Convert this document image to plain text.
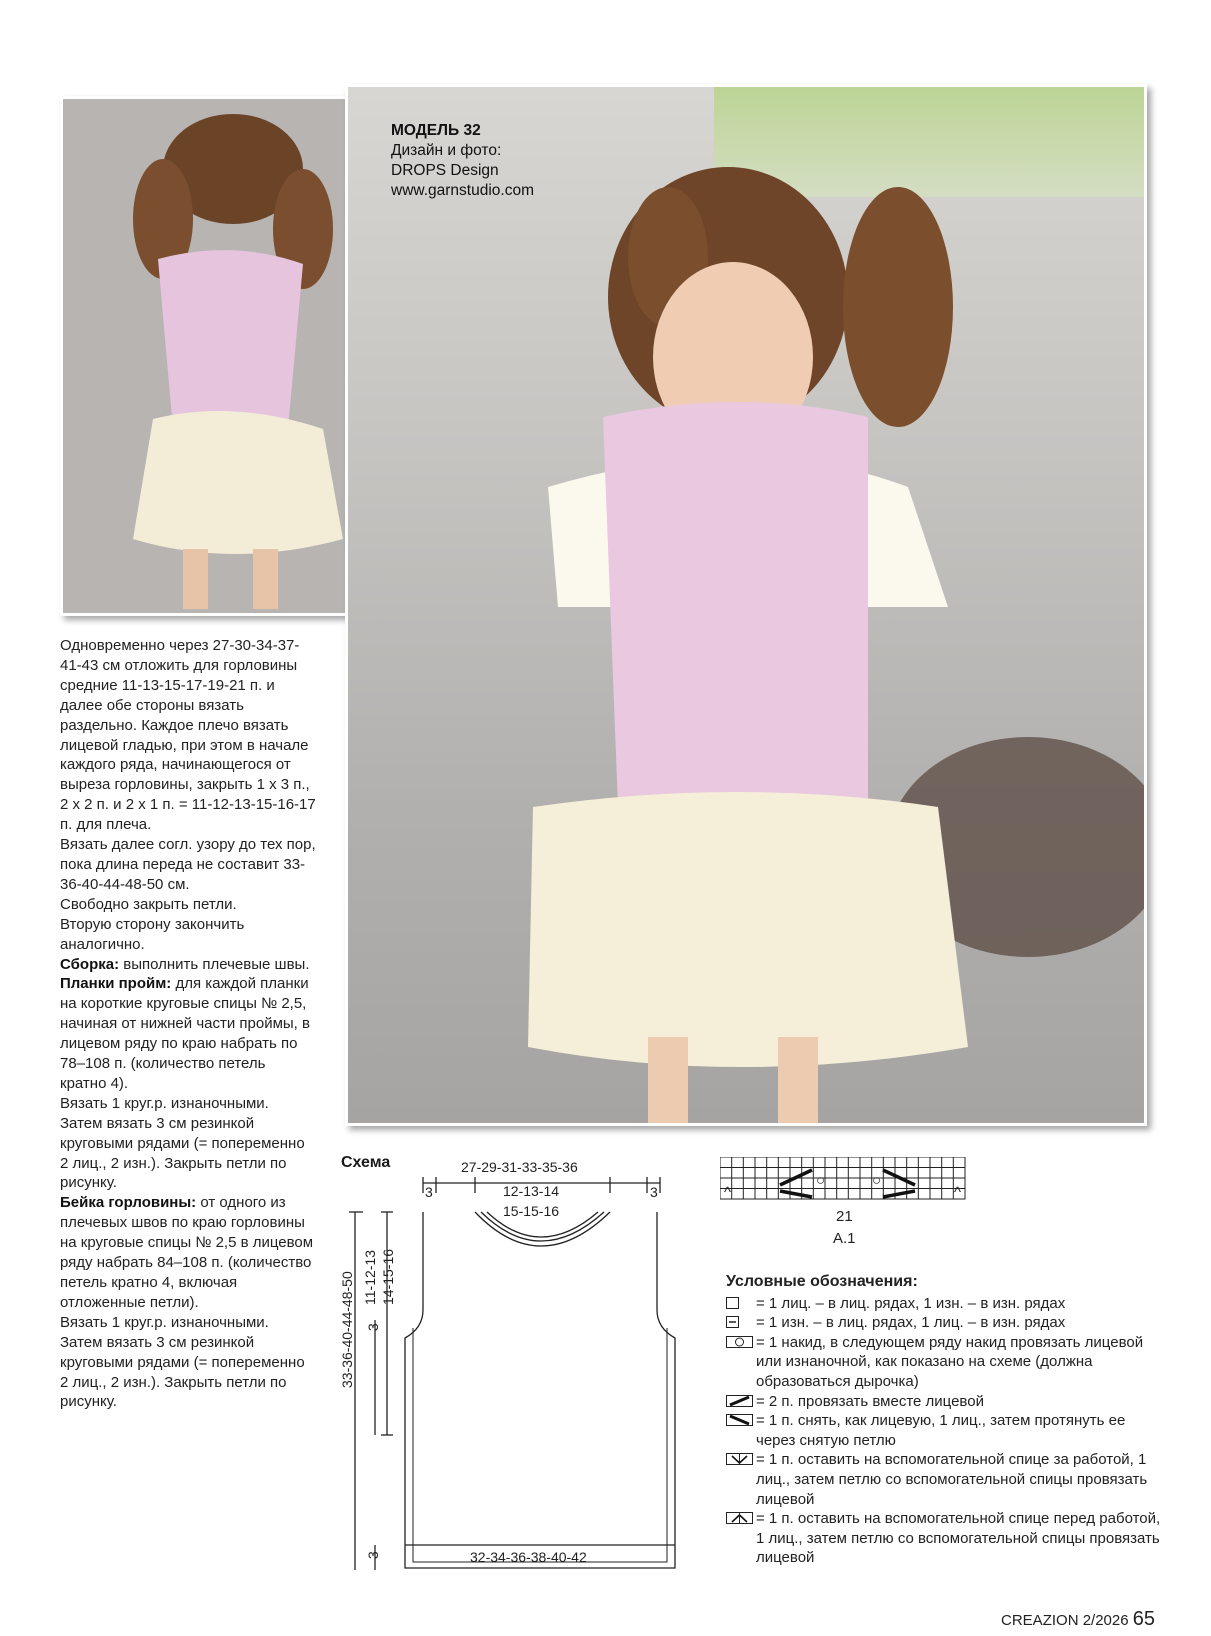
МОДЕЛЬ 32
Дизайн и фото:
DROPS Design
www.garnstudio.com

Одновременно через 27-30-34-37-41-43 см отложить для горловины средние 11-13-15-17-19-21 п. и далее обе стороны вязать раздельно. Каждое плечо вязать лицевой гладью, при этом в начале каждого ряда, начинающегося от выреза горловины, закрыть 1 х 3 п., 2 х 2 п. и 2 х 1 п. = 11-12-13-15-16-17 п. для плеча.

Вязать далее согл. узору до тех пор, пока длина переда не составит 33-36-40-44-48-50 см.

Свободно закрыть петли.

Вторую сторону закончить аналогично.

Сборка: выполнить плечевые швы.

Планки пройм: для каждой планки на короткие круговые спицы № 2,5, начиная от нижней части проймы, в лицевом ряду по краю набрать по 78–108 п. (количество петель кратно 4).

Вязать 1 круг.р. изнаночными.

Затем вязать 3 см резинкой круговыми рядами (= попеременно 2 лиц., 2 изн.). Закрыть петли по рисунку.

Бейка горловины: от одного из плечевых швов по краю горловины на круговые спицы № 2,5 в лицевом ряду набрать 84–108 п. (количество петель кратно 4, включая отложенные петли).

Вязать 1 круг.р. изнаночными.

Затем вязать 3 см резинкой круговыми рядами (= попеременно 2 лиц., 2 изн.). Закрыть петли по рисунку.

Схема	27-29-31-33-35-36
3	3
12-13-14
15-15-16
11-12-13 14-15-16
3
33-36-40-44-48-50
3	32-34-36-38-40-42
^	^
○	○
21
A.1
Условные обозначения:
= 1 лиц. – в лиц. рядах, 1 изн. – в изн. рядах
= 1 изн. – в лиц. рядах, 1 лиц. – в изн. рядах
= 1 накид, в следующем ряду накид провязать лицевой или изнаночной, как показано на схеме (должна образоваться дырочка)
= 2 п. провязать вместе лицевой
= 1 п. снять, как лицевую, 1 лиц., затем протянуть ее через снятую петлю
= 1 п. оставить на вспомогательной спице за работой, 1 лиц., затем петлю со вспомогательной спицы провязать лицевой
= 1 п. оставить на вспомогательной спице перед работой, 1 лиц., затем петлю со вспомогательной спицы провязать лицевой
CREAZION 2/2026 65
